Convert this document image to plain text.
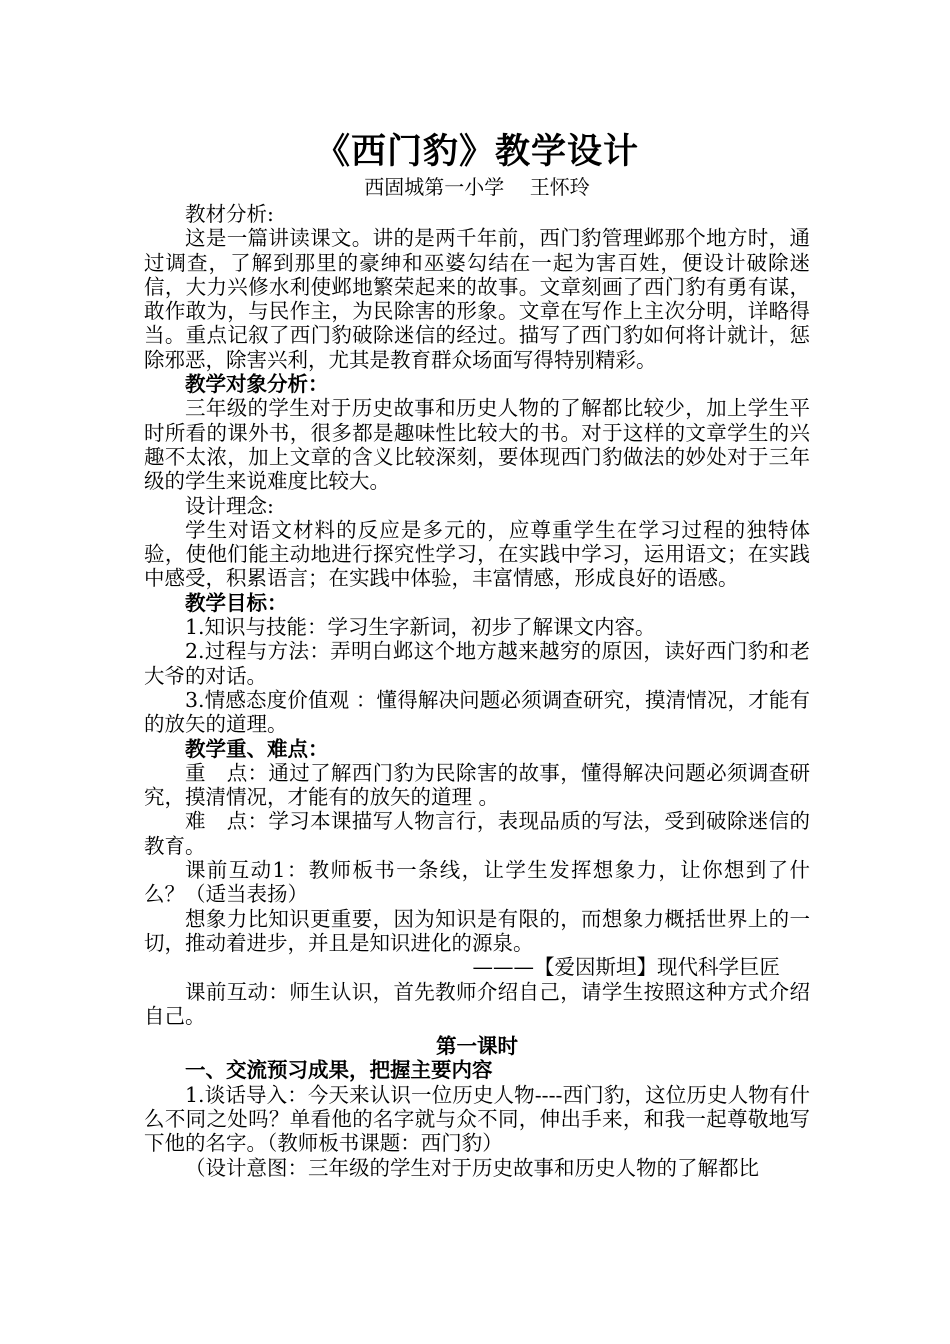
《西门豹》教学设计
西固城第一小学    王怀玲
教材分析:

这是一篇讲读课文。讲的是两千年前，西门豹管理邺那个地方时，通过调查，了解到那里的豪绅和巫婆勾结在一起为害百姓，便设计破除迷信，大力兴修水利使邺地繁荣起来的故事。文章刻画了西门豹有勇有谋，敢作敢为，与民作主，为民除害的形象。文章在写作上主次分明，详略得当。重点记叙了西门豹破除迷信的经过。描写了西门豹如何将计就计，惩除邪恶，除害兴利，尤其是教育群众场面写得特别精彩。

教学对象分析：

三年级的学生对于历史故事和历史人物的了解都比较少，加上学生平时所看的课外书，很多都是趣味性比较大的书。对于这样的文章学生的兴趣不太浓，加上文章的含义比较深刻，要体现西门豹做法的妙处对于三年级的学生来说难度比较大。

设计理念:

学生对语文材料的反应是多元的，应尊重学生在学习过程的独特体验，使他们能主动地进行探究性学习，在实践中学习，运用语文；在实践中感受，积累语言；在实践中体验，丰富情感，形成良好的语感。

教学目标：

1.知识与技能：学习生字新词，初步了解课文内容。

2.过程与方法：弄明白邺这个地方越来越穷的原因，读好西门豹和老大爷的对话。

3.情感态度价值观 ：懂得解决问题必须调查研究，摸清情况，才能有的放矢的道理。

教学重、难点：

重　点：通过了解西门豹为民除害的故事，懂得解决问题必须调查研究，摸清情况，才能有的放矢的道理 。

难　点：学习本课描写人物言行，表现品质的写法，受到破除迷信的教育。

课前互动1：教师板书一条线，让学生发挥想象力，让你想到了什么？（适当表扬）

想象力比知识更重要，因为知识是有限的，而想象力概括世界上的一切，推动着进步，并且是知识进化的源泉。

———【爱因斯坦】现代科学巨匠

课前互动：师生认识，首先教师介绍自己，请学生按照这种方式介绍自己。

第一课时
一、交流预习成果，把握主要内容

1.谈话导入：今天来认识一位历史人物----西门豹，这位历史人物有什么不同之处吗？单看他的名字就与众不同，伸出手来，和我一起尊敬地写下他的名字。（教师板书课题：西门豹）

（设计意图：三年级的学生对于历史故事和历史人物的了解都比
